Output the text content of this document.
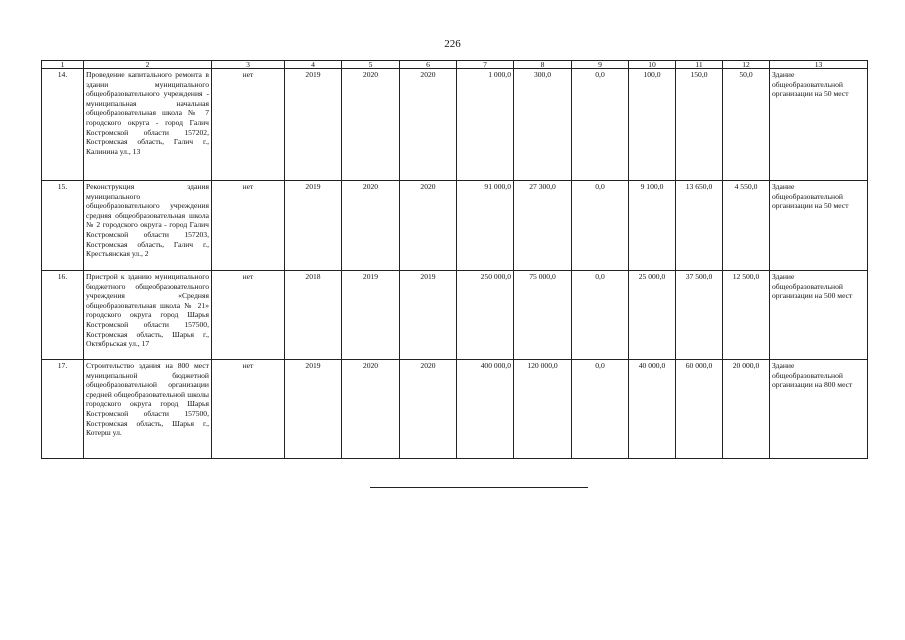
226
1	2	3	4	5	6	7	8	9	10	11	12	13
14.	Проведение капитального ремонта в здании муниципального общеобразовательного учреждения - муниципальная начальная общеобразовательная школа № 7 городского округа - город Галич Костромской области 157202, Костромская область, Галич г., Калинина ул., 13	нет	2019	2020	2020	1 000,0	300,0	0,0	100,0	150,0	50,0	Здание общеобразовательной организации на 50 мест
15.	Реконструкция здания муниципального общеобразовательного учреждения средняя общеобразовательная школа № 2 городского округа - город Галич Костромской области 157203, Костромская область, Галич г., Крестьянская ул., 2	нет	2019	2020	2020	91 000,0	27 300,0	0,0	9 100,0	13 650,0	4 550,0	Здание общеобразовательной организации на 50 мест
16.	Пристрой к зданию муниципального бюджетного общеобразовательного учреждения «Средняя общеобразовательная школа № 21» городского округа город Шарья Костромской области 157500, Костромская область, Шарья г., Октябрьская ул., 17	нет	2018	2019	2019	250 000,0	75 000,0	0,0	25 000,0	37 500,0	12 500,0	Здание общеобразовательной организации на 500 мест
17.	Строительство здания на 800 мест муниципальной бюджетной общеобразовательной организации средней общеобразовательной школы городского округа город Шарья Костромской области 157500, Костромская область, Шарья г., Котерш ул.	нет	2019	2020	2020	400 000,0	120 000,0	0,0	40 000,0	60 000,0	20 000,0	Здание общеобразовательной организации на 800 мест
